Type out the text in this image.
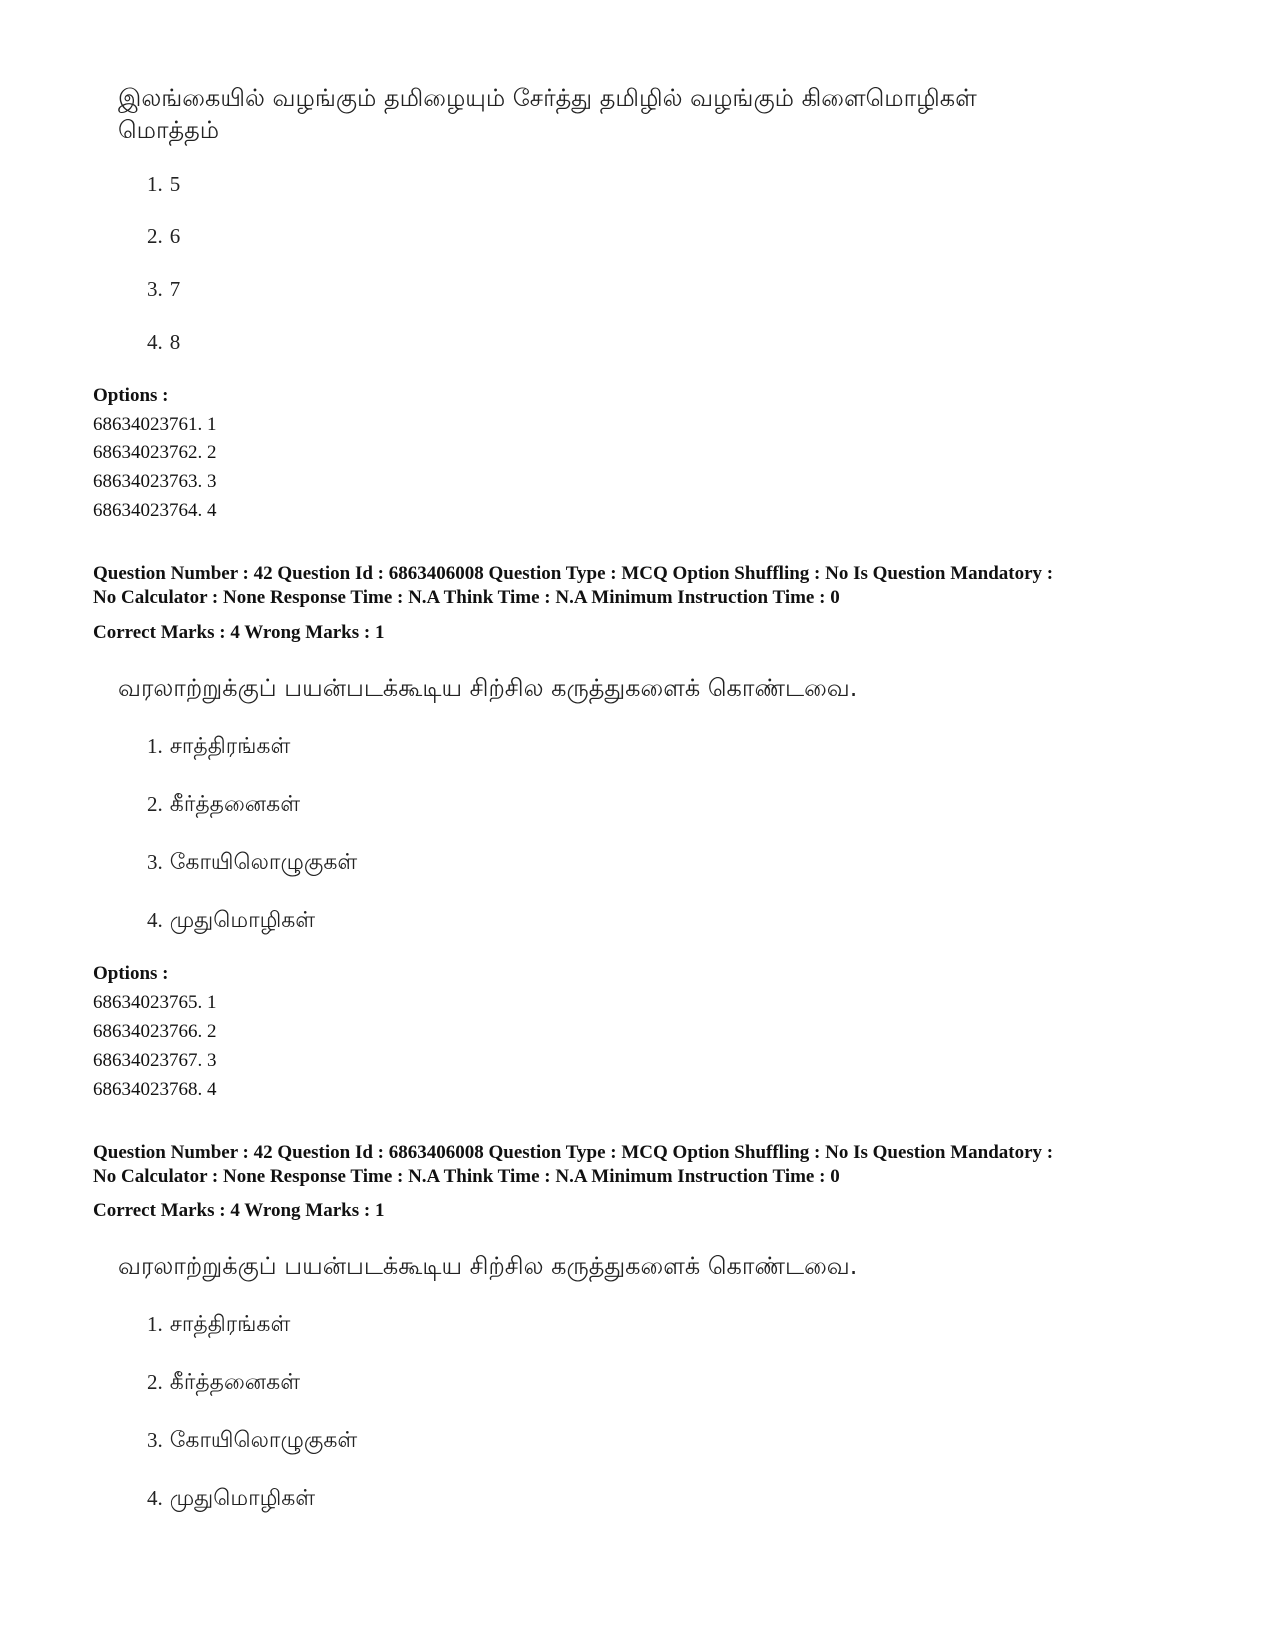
இலங்கையில் வழங்கும் தமிழையும் சேர்த்து தமிழில் வழங்கும் கிளைமொழிகள்
மொத்தம்
1. 5
2. 6
3. 7
4. 8
Options :
68634023761. 1
68634023762. 2
68634023763. 3
68634023764. 4
Question Number : 42 Question Id : 6863406008 Question Type : MCQ Option Shuffling : No Is Question Mandatory :
No Calculator : None Response Time : N.A Think Time : N.A Minimum Instruction Time : 0
Correct Marks : 4 Wrong Marks : 1
வரலாற்றுக்குப் பயன்படக்கூடிய சிற்சில கருத்துகளைக் கொண்டவை.
1. சாத்திரங்கள்
2. கீர்த்தனைகள்
3. கோயிலொழுகுகள்
4. முதுமொழிகள்
Options :
68634023765. 1
68634023766. 2
68634023767. 3
68634023768. 4
Question Number : 42 Question Id : 6863406008 Question Type : MCQ Option Shuffling : No Is Question Mandatory :
No Calculator : None Response Time : N.A Think Time : N.A Minimum Instruction Time : 0
Correct Marks : 4 Wrong Marks : 1
வரலாற்றுக்குப் பயன்படக்கூடிய சிற்சில கருத்துகளைக் கொண்டவை.
1. சாத்திரங்கள்
2. கீர்த்தனைகள்
3. கோயிலொழுகுகள்
4. முதுமொழிகள்
